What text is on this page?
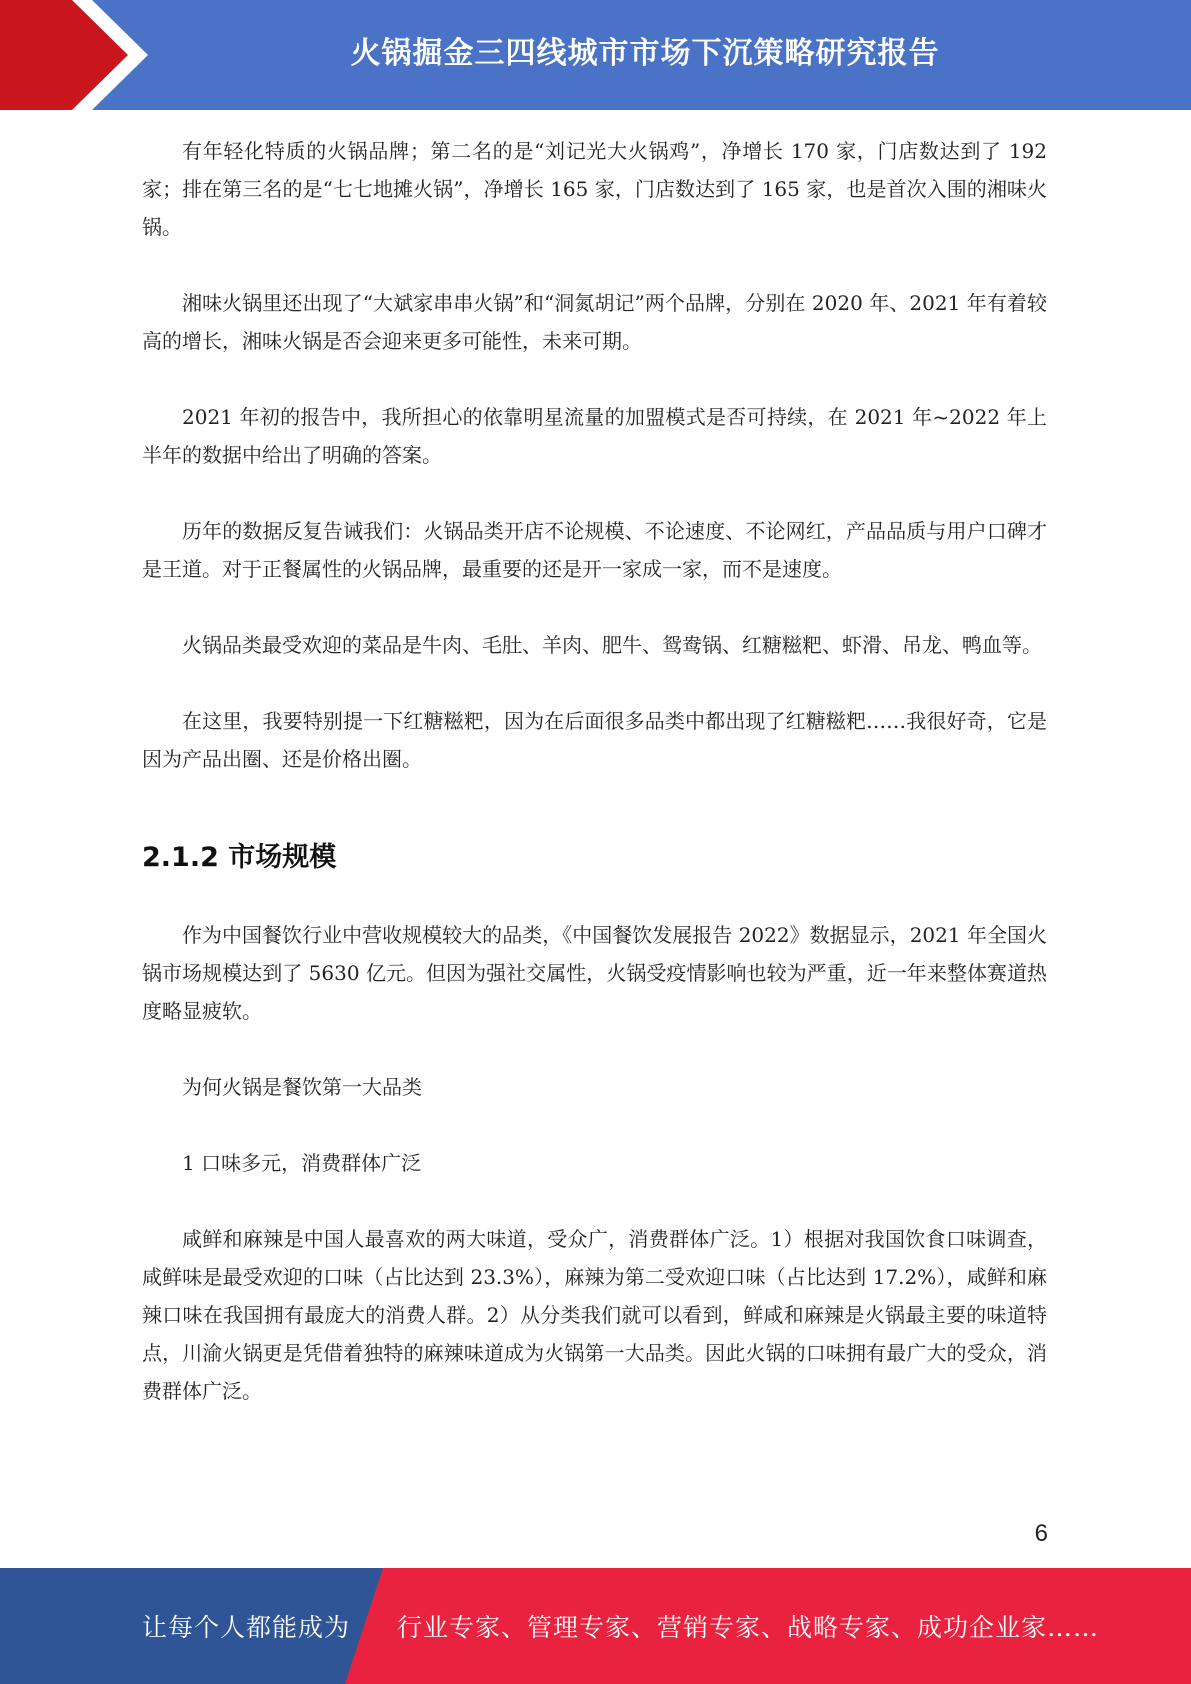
火锅掘金三四线城市市场下沉策略研究报告

有年轻化特质的火锅品牌；第二名的是“刘记光大火锅鸡”，净增长 170 家，门店数达到了 192 家；排在第三名的是“七七地摊火锅”，净增长 165 家，门店数达到了 165 家，也是首次入围的湘味火锅。

湘味火锅里还出现了“大斌家串串火锅”和“洞氮胡记”两个品牌，分别在 2020 年、2021 年有着较高的增长，湘味火锅是否会迎来更多可能性，未来可期。

2021 年初的报告中，我所担心的依靠明星流量的加盟模式是否可持续，在 2021 年~2022 年上半年的数据中给出了明确的答案。

历年的数据反复告诫我们：火锅品类开店不论规模、不论速度、不论网红，产品品质与用户口碑才是王道。对于正餐属性的火锅品牌，最重要的还是开一家成一家，而不是速度。

火锅品类最受欢迎的菜品是牛肉、毛肚、羊肉、肥牛、鸳鸯锅、红糖糍粑、虾滑、吊龙、鸭血等。

在这里，我要特别提一下红糖糍粑，因为在后面很多品类中都出现了红糖糍粑……我很好奇，它是因为产品出圈、还是价格出圈。

2.1.2 市场规模

作为中国餐饮行业中营收规模较大的品类，《中国餐饮发展报告 2022》数据显示，2021 年全国火锅市场规模达到了 5630 亿元。但因为强社交属性，火锅受疫情影响也较为严重，近一年来整体赛道热度略显疲软。

为何火锅是餐饮第一大品类

1 口味多元，消费群体广泛

咸鲜和麻辣是中国人最喜欢的两大味道，受众广，消费群体广泛。1）根据对我国饮食口味调查，咸鲜味是最受欢迎的口味（占比达到 23.3%），麻辣为第二受欢迎口味（占比达到 17.2%），咸鲜和麻辣口味在我国拥有最庞大的消费人群。2）从分类我们就可以看到，鲜咸和麻辣是火锅最主要的味道特点，川渝火锅更是凭借着独特的麻辣味道成为火锅第一大品类。因此火锅的口味拥有最广大的受众，消费群体广泛。

6
让每个人都能成为 行业专家、管理专家、营销专家、战略专家、成功企业家……
